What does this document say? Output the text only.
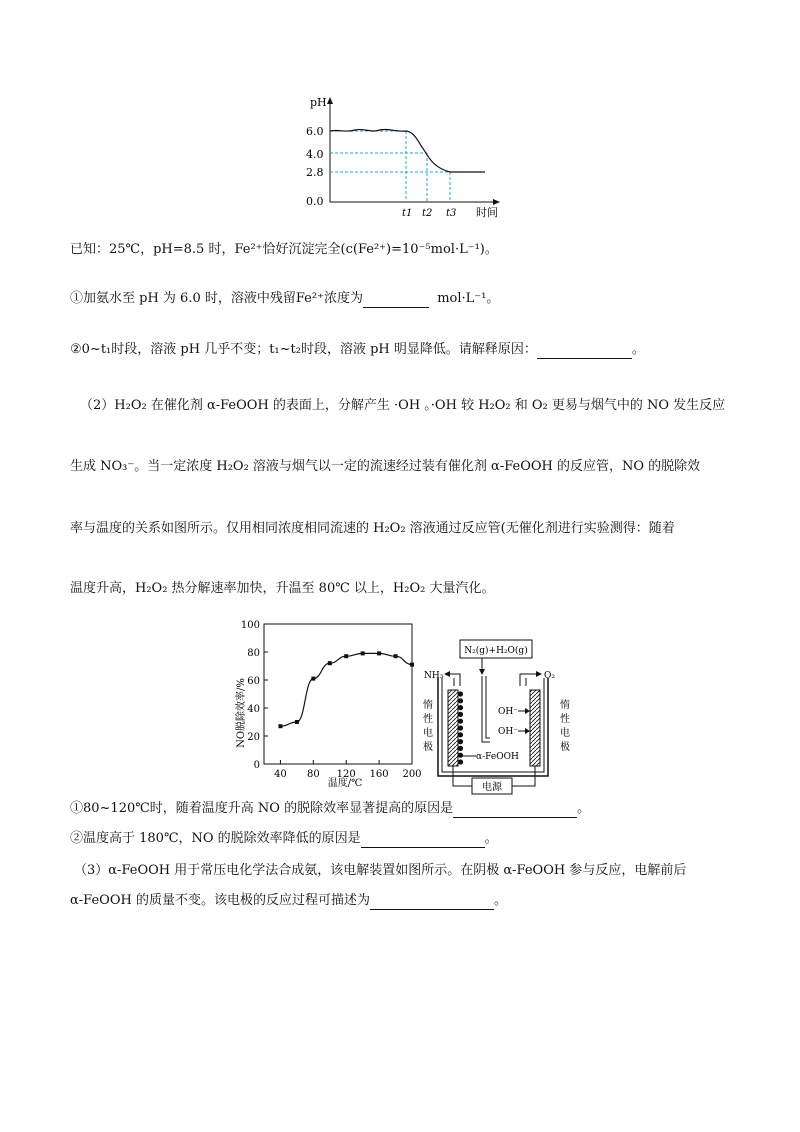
pH
时间
6.0
4.0
2.8
0.0
t1 t2 t3
已知：25℃，pH=8.5 时，Fe²⁺恰好沉淀完全(c(Fe²⁺)=10⁻⁵mol·L⁻¹)。
①加氨水至 pH 为 6.0 时，溶液中残留Fe²⁺浓度为	mol·L⁻¹。
②0~t₁时段，溶液 pH 几乎不变；t₁~t₂时段，溶液 pH 明显降低。请解释原因：	。
（2）H₂O₂ 在催化剂 α-FeOOH 的表面上，分解产生 ·OH 。·OH 较 H₂O₂ 和 O₂ 更易与烟气中的 NO 发生反应
生成 NO₃⁻。当一定浓度 H₂O₂ 溶液与烟气以一定的流速经过装有催化剂 α-FeOOH 的反应管，NO 的脱除效
率与温度的关系如图所示。仅用相同浓度相同流速的 H₂O₂ 溶液通过反应管(无催化剂进行实验测得：随着
温度升高，H₂O₂ 热分解速率加快，升温至 80℃ 以上，H₂O₂ 大量汽化。
0
20
40
60
80
100
40 80 120 160 200
NO脱除效率/%
温度/℃
N₂(g)+H₂O(g)
NH₃	O₂
惰
性
电
极
惰
性
电
极
OH⁻
OH⁻
α-FeOOH
电源
①80~120℃时，随着温度升高 NO 的脱除效率显著提高的原因是	。
②温度高于 180℃，NO 的脱除效率降低的原因是	。
（3）α-FeOOH 用于常压电化学法合成氨，该电解装置如图所示。在阴极 α-FeOOH 参与反应，电解前后
α-FeOOH 的质量不变。该电极的反应过程可描述为	。
